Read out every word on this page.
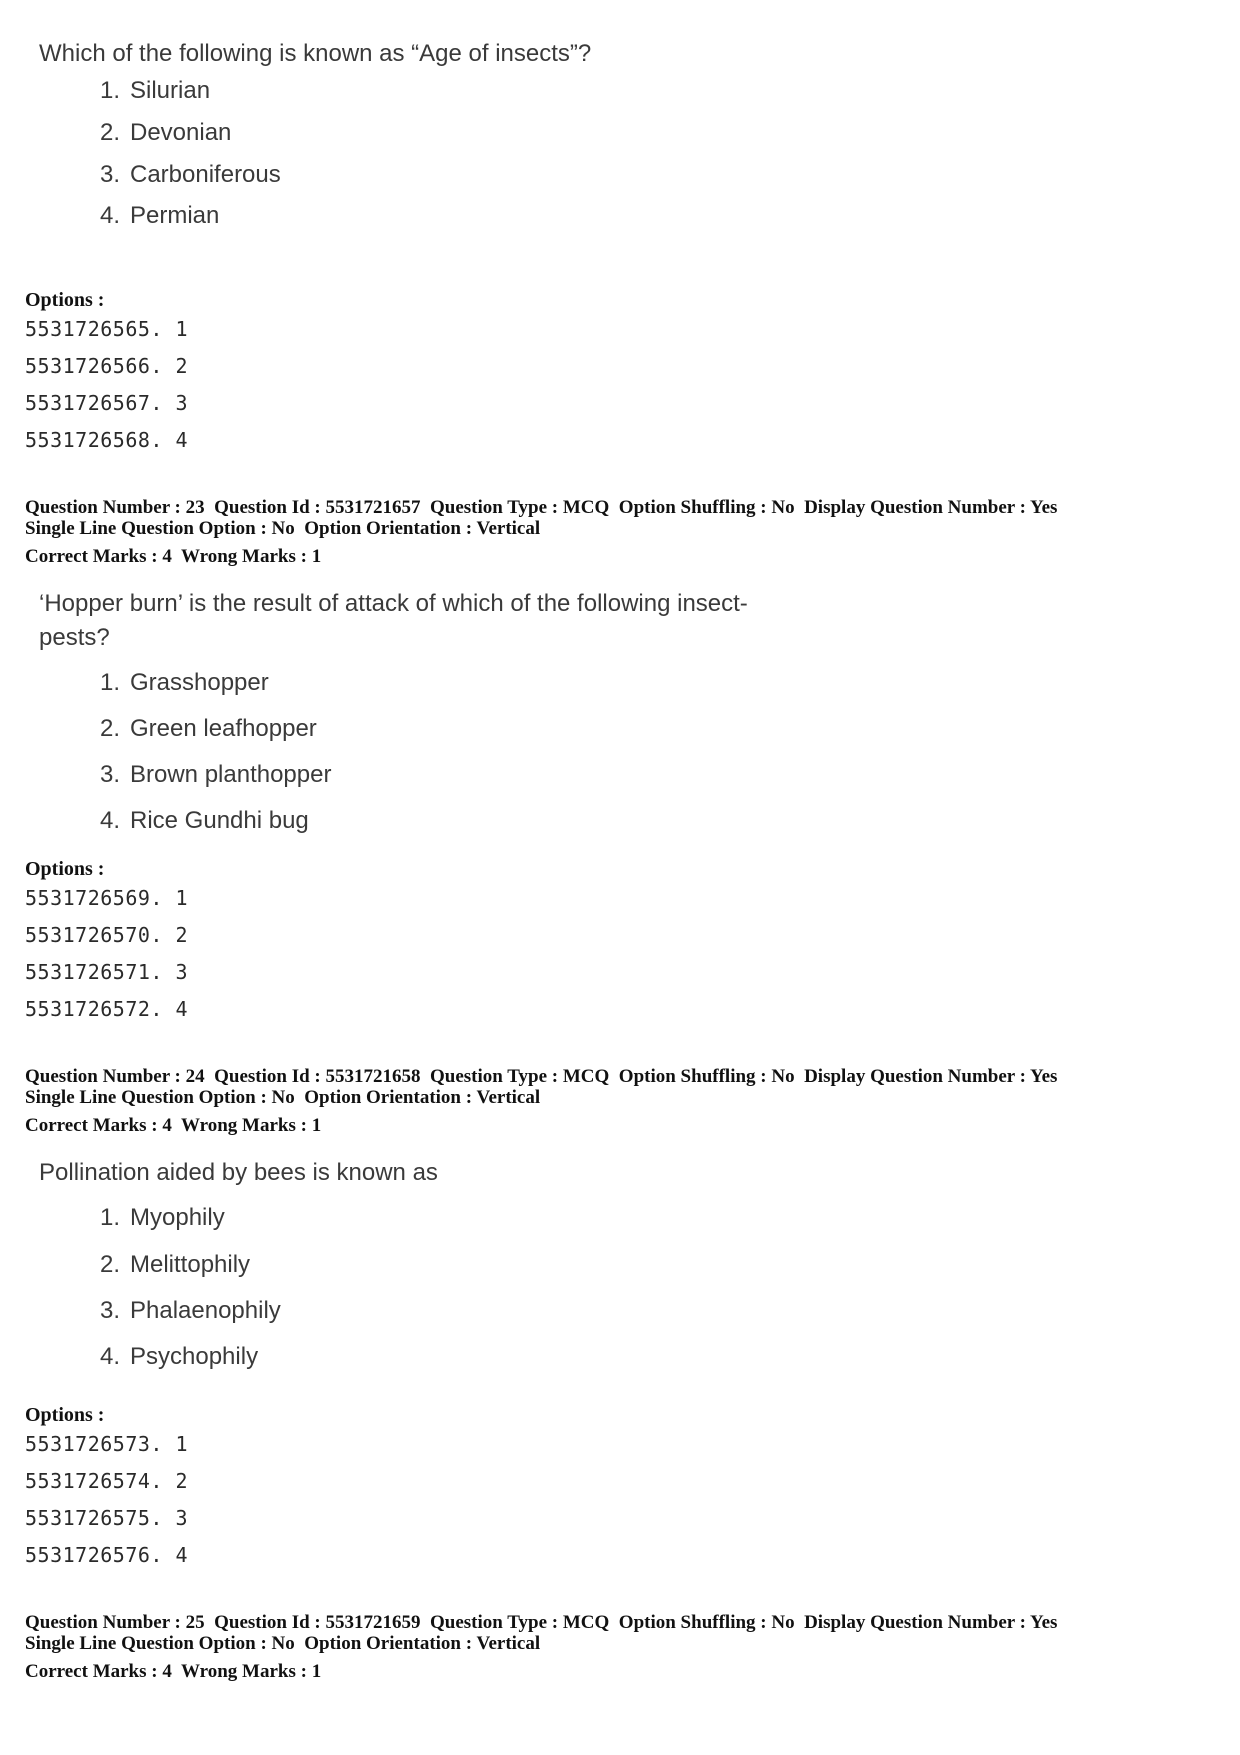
Which of the following is known as “Age of insects”?
1. Silurian
2. Devonian
3. Carboniferous
4. Permian
Options :
5531726565. 1
5531726566. 2
5531726567. 3
5531726568. 4
Question Number : 23  Question Id : 5531721657  Question Type : MCQ  Option Shuffling : No  Display Question Number : Yes
Single Line Question Option : No  Option Orientation : Vertical
Correct Marks : 4  Wrong Marks : 1
‘Hopper burn’ is the result of attack of which of the following insect-
pests?
1. Grasshopper
2. Green leafhopper
3. Brown planthopper
4. Rice Gundhi bug
Options :
5531726569. 1
5531726570. 2
5531726571. 3
5531726572. 4
Question Number : 24  Question Id : 5531721658  Question Type : MCQ  Option Shuffling : No  Display Question Number : Yes
Single Line Question Option : No  Option Orientation : Vertical
Correct Marks : 4  Wrong Marks : 1
Pollination aided by bees is known as
1. Myophily
2. Melittophily
3. Phalaenophily
4. Psychophily
Options :
5531726573. 1
5531726574. 2
5531726575. 3
5531726576. 4
Question Number : 25  Question Id : 5531721659  Question Type : MCQ  Option Shuffling : No  Display Question Number : Yes
Single Line Question Option : No  Option Orientation : Vertical
Correct Marks : 4  Wrong Marks : 1
